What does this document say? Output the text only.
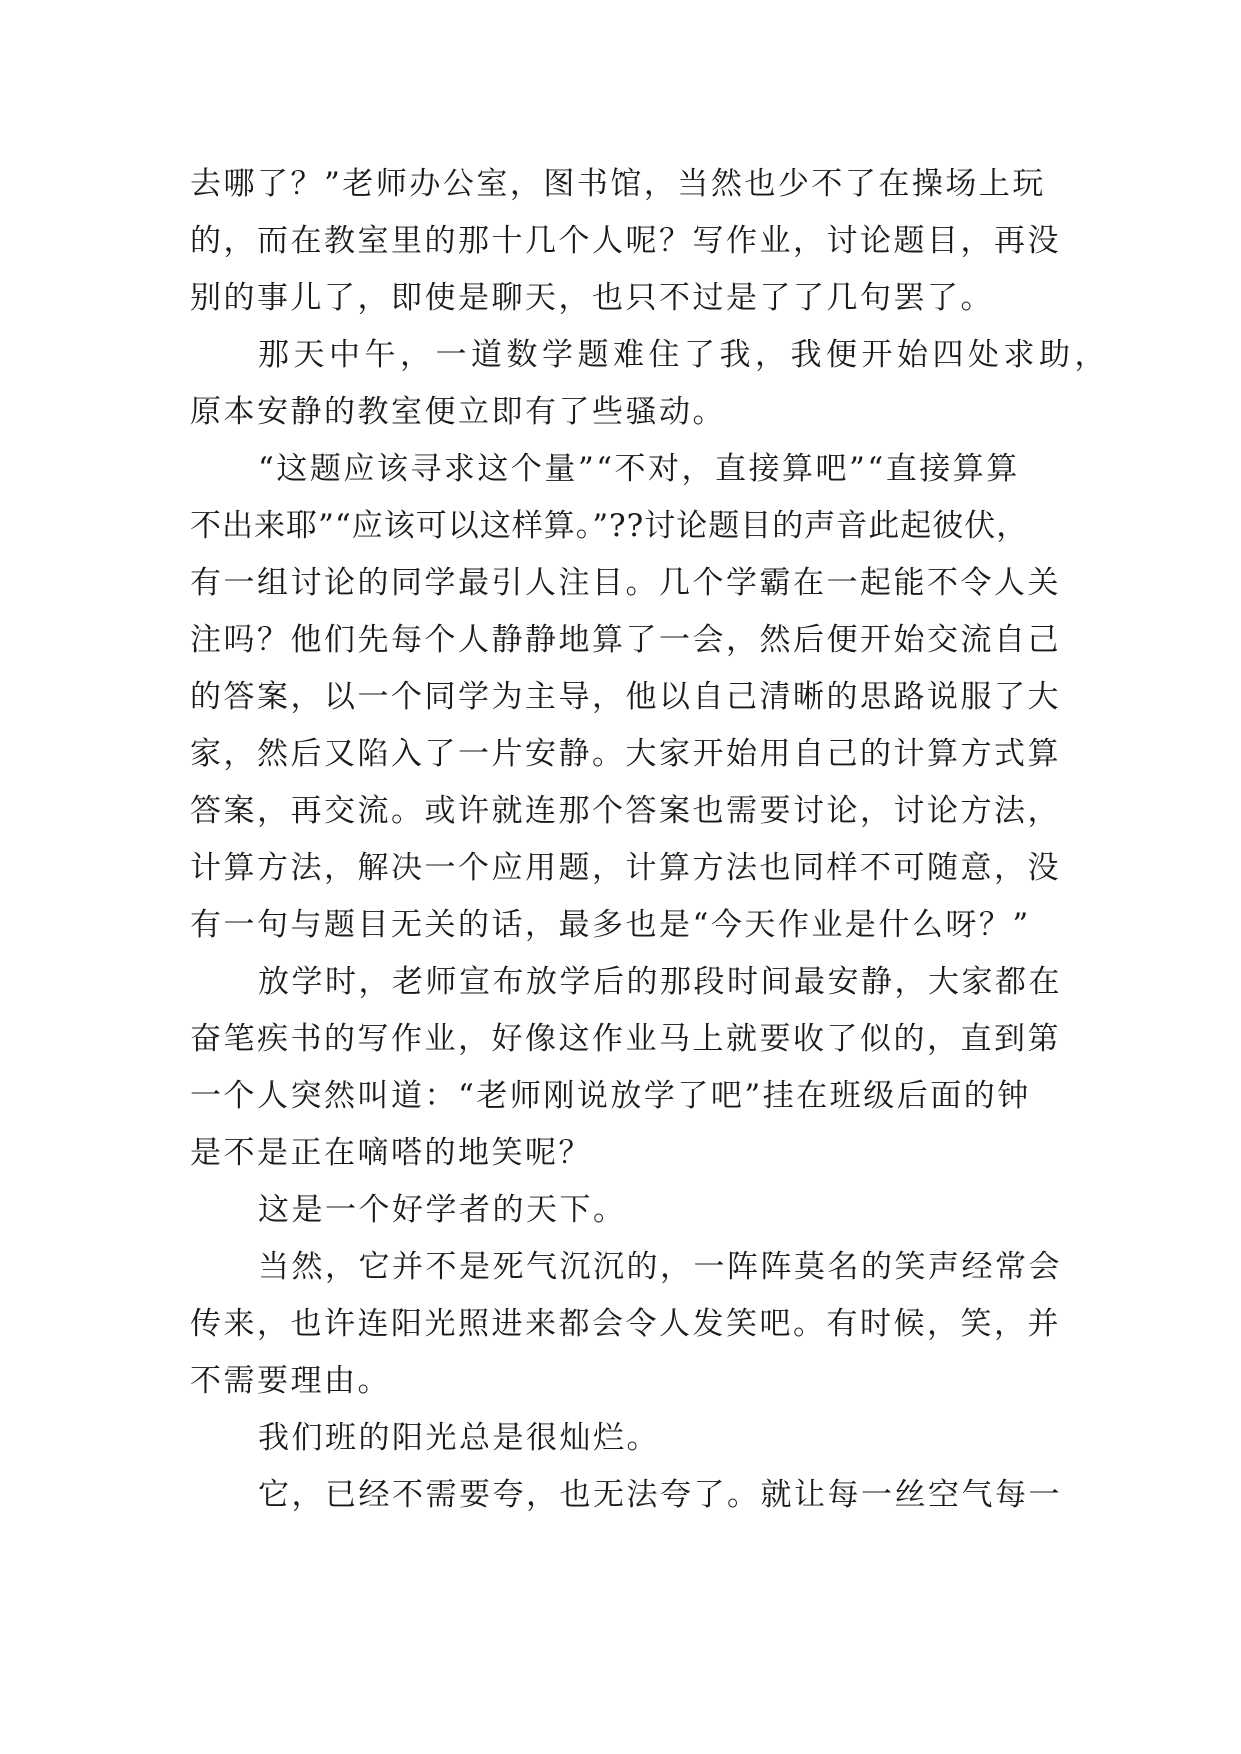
去哪了？”老师办公室，图书馆，当然也少不了在操场上玩
的，而在教室里的那十几个人呢？写作业，讨论题目，再没
别的事儿了，即使是聊天，也只不过是了了几句罢了。
那天中午，一道数学题难住了我，我便开始四处求助，
原本安静的教室便立即有了些骚动。
“这题应该寻求这个量”“不对，直接算吧”“直接算算
不出来耶”“应该可以这样算。”??讨论题目的声音此起彼伏，
有一组讨论的同学最引人注目。几个学霸在一起能不令人关
注吗？他们先每个人静静地算了一会，然后便开始交流自己
的答案，以一个同学为主导，他以自己清晰的思路说服了大
家，然后又陷入了一片安静。大家开始用自己的计算方式算
答案，再交流。或许就连那个答案也需要讨论，讨论方法，
计算方法，解决一个应用题，计算方法也同样不可随意，没
有一句与题目无关的话，最多也是“今天作业是什么呀？”
放学时，老师宣布放学后的那段时间最安静，大家都在
奋笔疾书的写作业，好像这作业马上就要收了似的，直到第
一个人突然叫道：“老师刚说放学了吧”挂在班级后面的钟
是不是正在嘀嗒的地笑呢？
这是一个好学者的天下。
当然，它并不是死气沉沉的，一阵阵莫名的笑声经常会
传来，也许连阳光照进来都会令人发笑吧。有时候，笑，并
不需要理由。
我们班的阳光总是很灿烂。
它，已经不需要夸，也无法夸了。就让每一丝空气每一
